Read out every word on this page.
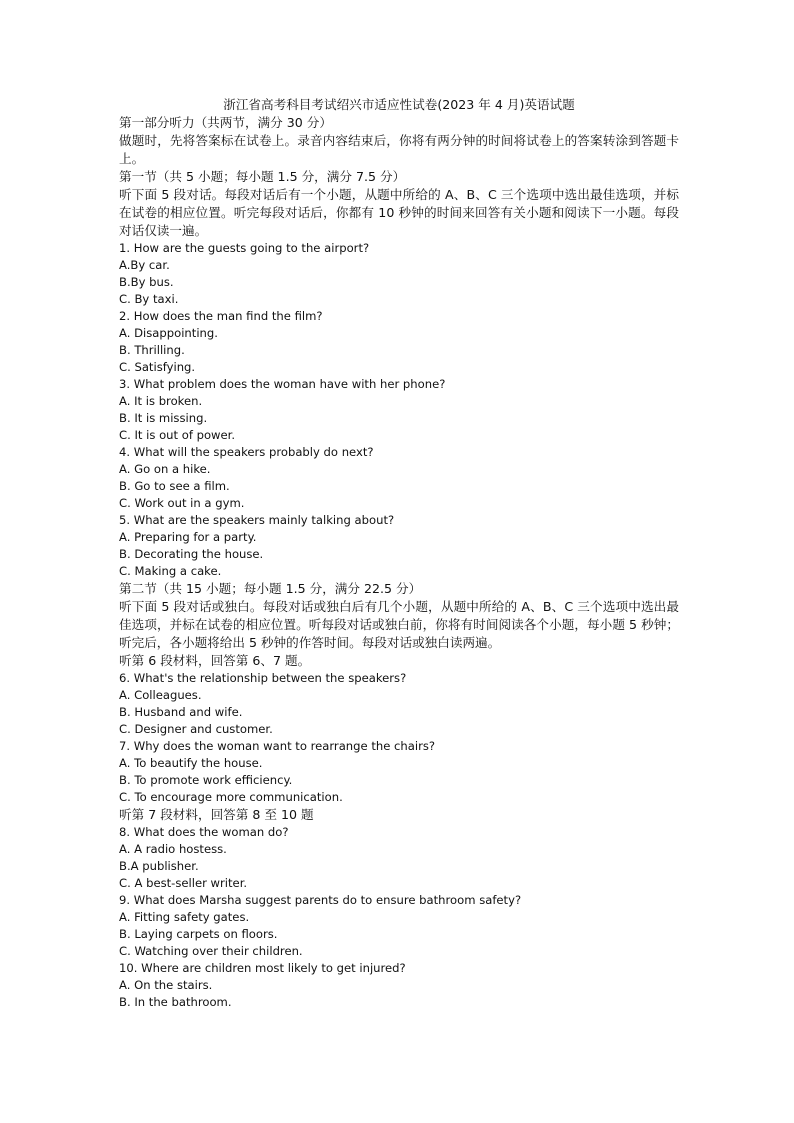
浙江省高考科目考试绍兴市适应性试卷(2023 年 4 月)英语试题
第一部分听力（共两节，满分 30 分）
做题时，先将答案标在试卷上。录音内容结束后，你将有两分钟的时间将试卷上的答案转涂到答题卡上。
第一节（共 5 小题；每小题 1.5 分，满分 7.5 分）
听下面 5 段对话。每段对话后有一个小题，从题中所给的 A、B、C 三个选项中选出最佳选项，并标在试卷的相应位置。听完每段对话后，你都有 10 秒钟的时间来回答有关小题和阅读下一小题。每段对话仅读一遍。
1. How are the guests going to the airport?
A.By car.
B.By bus.
C. By taxi.
2. How does the man find the film?
A. Disappointing.
B. Thrilling.
C. Satisfying.
3. What problem does the woman have with her phone?
A. It is broken.
B. It is missing.
C. It is out of power.
4. What will the speakers probably do next?
A. Go on a hike.
B. Go to see a film.
C. Work out in a gym.
5. What are the speakers mainly talking about?
A. Preparing for a party.
B. Decorating the house.
C. Making a cake.
第二节（共 15 小题；每小题 1.5 分，满分 22.5 分）
听下面 5 段对话或独白。每段对话或独白后有几个小题，从题中所给的 A、B、C 三个选项中选出最佳选项，并标在试卷的相应位置。听每段对话或独白前，你将有时间阅读各个小题，每小题 5 秒钟；听完后，各小题将给出 5 秒钟的作答时间。每段对话或独白读两遍。
听第 6 段材料，回答第 6、7 题。
6. What's the relationship between the speakers?
A. Colleagues.
B. Husband and wife.
C. Designer and customer.
7. Why does the woman want to rearrange the chairs?
A. To beautify the house.
B. To promote work efficiency.
C. To encourage more communication.
听第 7 段材料，回答第 8 至 10 题
8. What does the woman do?
A. A radio hostess.
B.A publisher.
C. A best-seller writer.
9. What does Marsha suggest parents do to ensure bathroom safety?
A. Fitting safety gates.
B. Laying carpets on floors.
C. Watching over their children.
10. Where are children most likely to get injured?
A. On the stairs.
B. In the bathroom.
